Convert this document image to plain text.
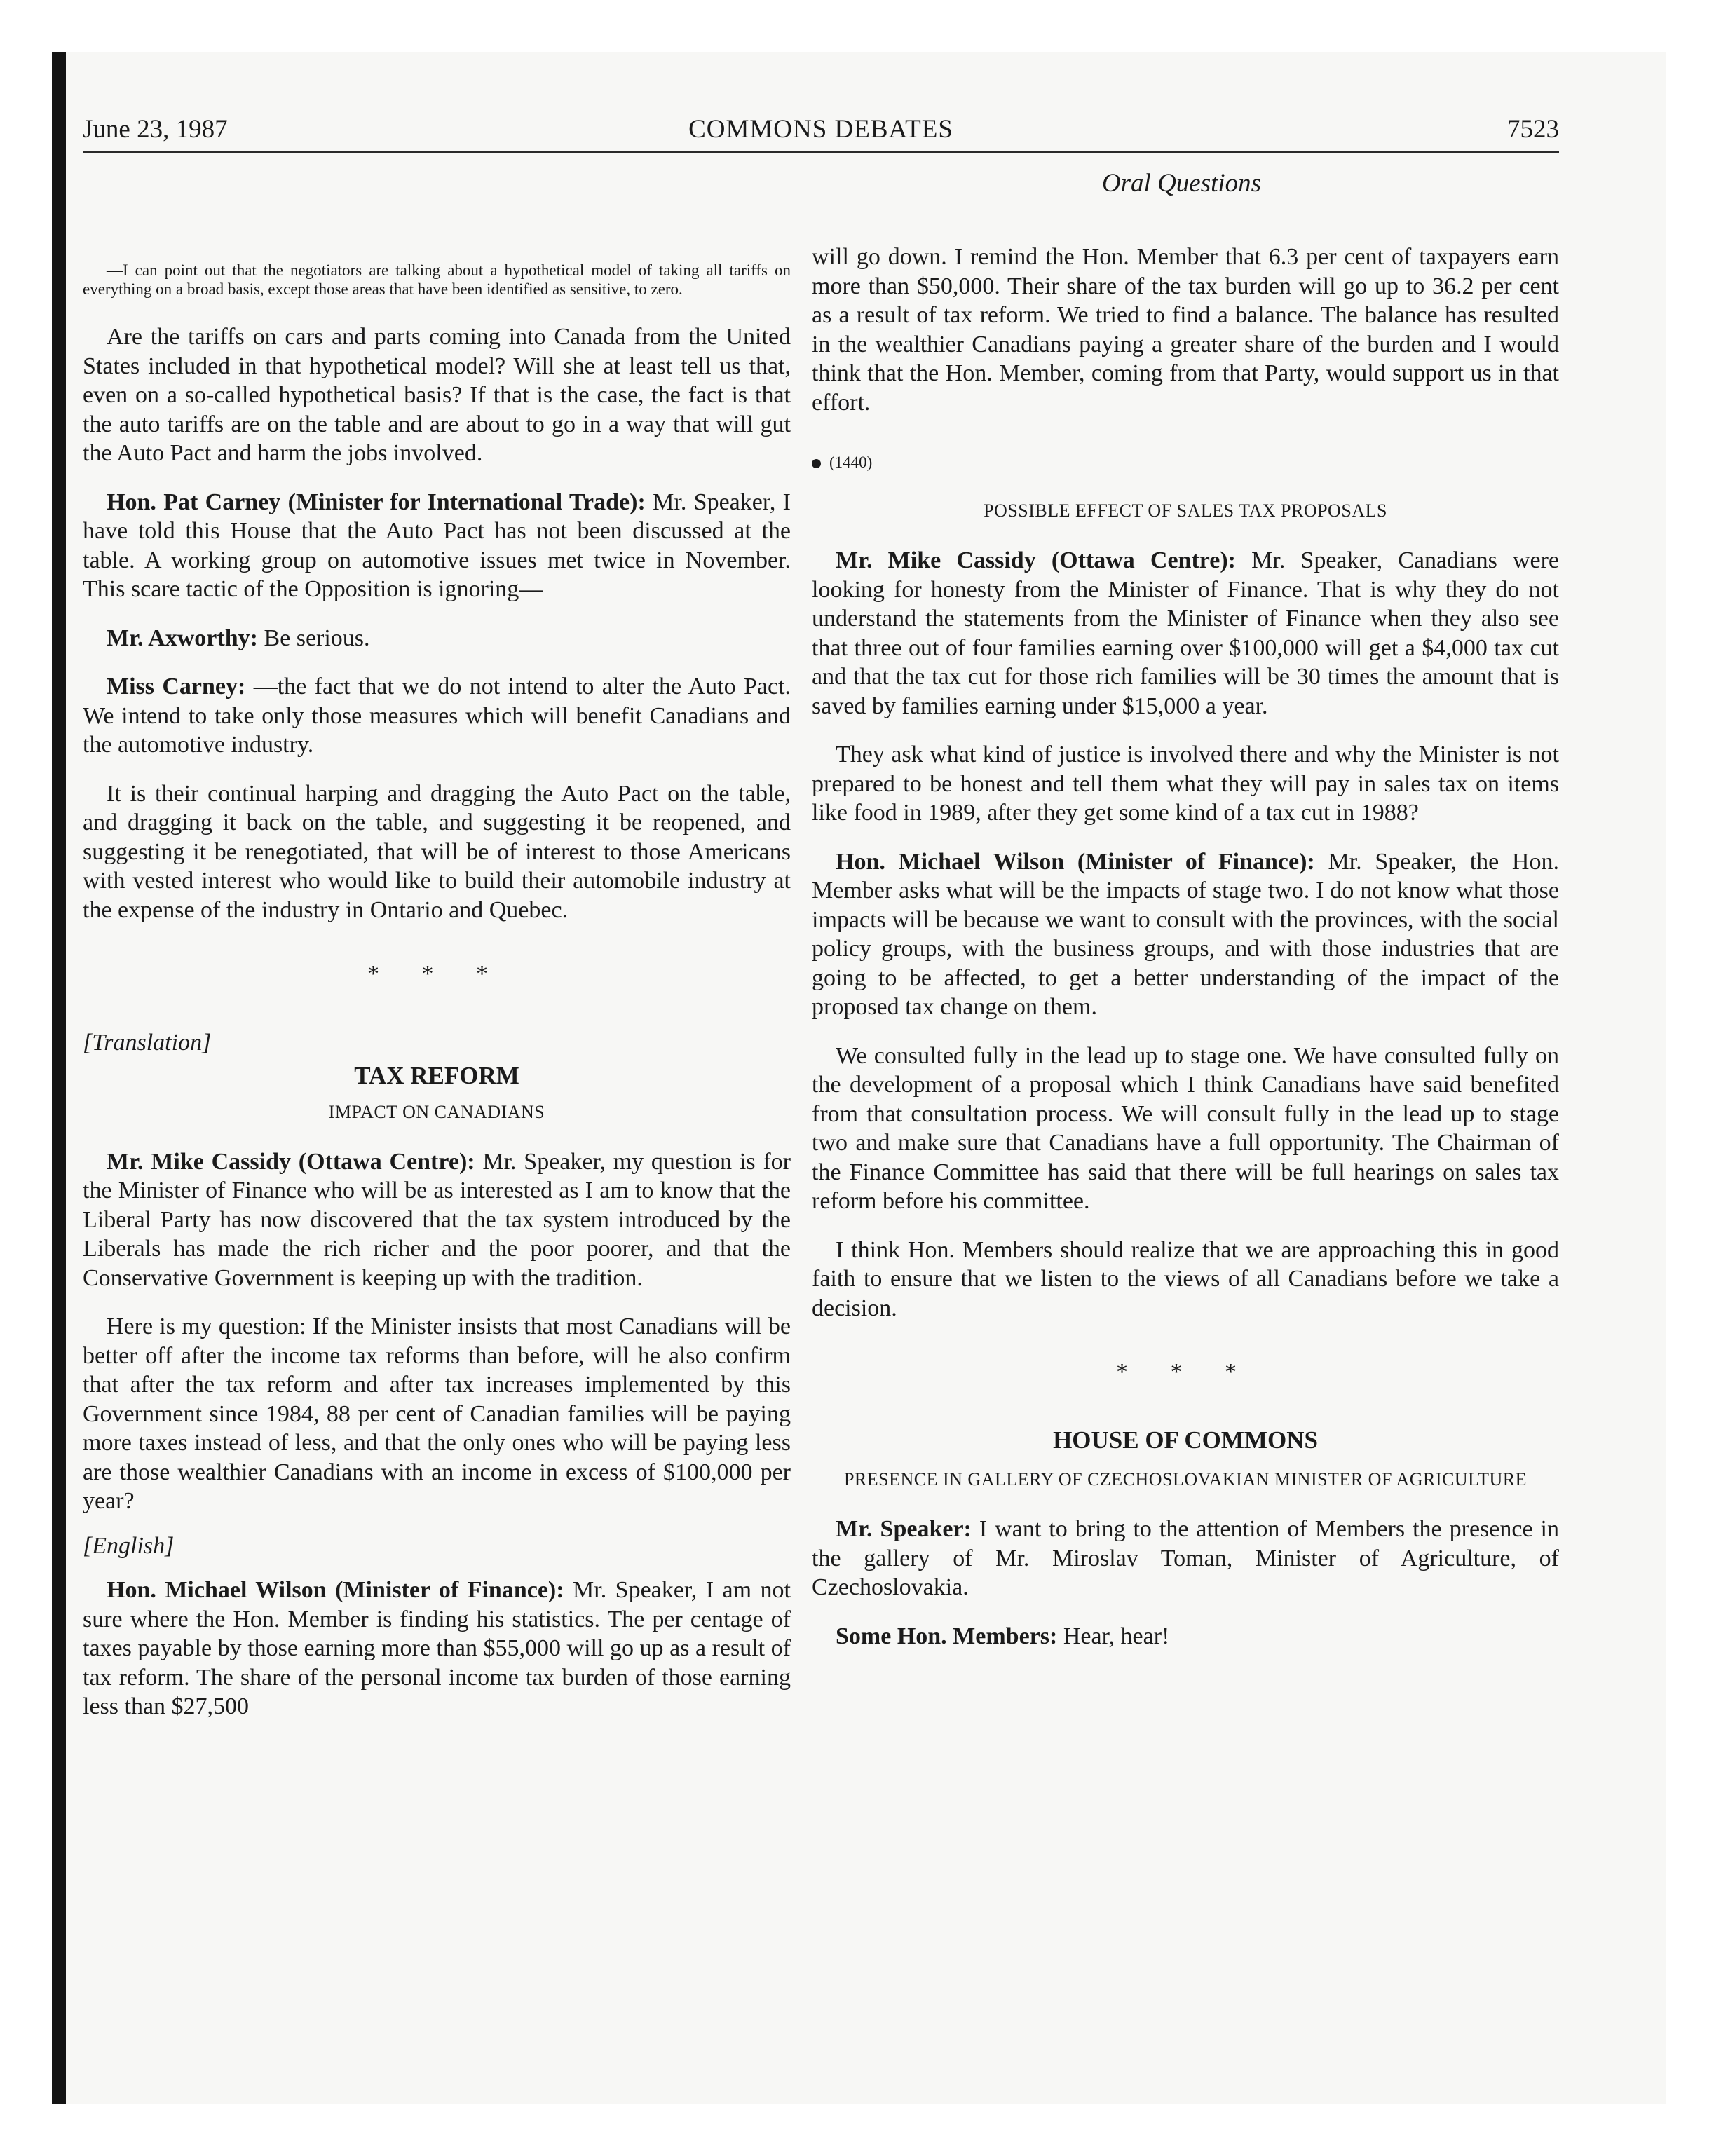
June 23, 1987	COMMONS DEBATES	7523
Oral Questions

—I can point out that the negotiators are talking about a hypothetical model of taking all tariffs on everything on a broad basis, except those areas that have been identified as sensitive, to zero.

Are the tariffs on cars and parts coming into Canada from the United States included in that hypothetical model? Will she at least tell us that, even on a so-called hypothetical basis? If that is the case, the fact is that the auto tariffs are on the table and are about to go in a way that will gut the Auto Pact and harm the jobs involved.

Hon. Pat Carney (Minister for International Trade): Mr. Speaker, I have told this House that the Auto Pact has not been discussed at the table. A working group on automotive issues met twice in November. This scare tactic of the Opposition is ignoring—

Mr. Axworthy: Be serious.

Miss Carney: —the fact that we do not intend to alter the Auto Pact. We intend to take only those measures which will benefit Canadians and the automotive industry.

It is their continual harping and dragging the Auto Pact on the table, and dragging it back on the table, and suggesting it be reopened, and suggesting it be renegotiated, that will be of interest to those Americans with vested interest who would like to build their automobile industry at the expense of the industry in Ontario and Quebec.

* * *

[Translation]

TAX REFORM
IMPACT ON CANADIANS

Mr. Mike Cassidy (Ottawa Centre): Mr. Speaker, my question is for the Minister of Finance who will be as interested as I am to know that the Liberal Party has now discovered that the tax system introduced by the Liberals has made the rich richer and the poor poorer, and that the Conservative Government is keeping up with the tradition.

Here is my question: If the Minister insists that most Canadians will be better off after the income tax reforms than before, will he also confirm that after the tax reform and after tax increases implemented by this Government since 1984, 88 per cent of Canadian families will be paying more taxes instead of less, and that the only ones who will be paying less are those wealthier Canadians with an income in excess of $100,000 per year?

[English]

Hon. Michael Wilson (Minister of Finance): Mr. Speaker, I am not sure where the Hon. Member is finding his statistics. The per centage of taxes payable by those earning more than $55,000 will go up as a result of tax reform. The share of the personal income tax burden of those earning less than $27,500

will go down. I remind the Hon. Member that 6.3 per cent of taxpayers earn more than $50,000. Their share of the tax burden will go up to 36.2 per cent as a result of tax reform. We tried to find a balance. The balance has resulted in the wealthier Canadians paying a greater share of the burden and I would think that the Hon. Member, coming from that Party, would support us in that effort.

(1440)
POSSIBLE EFFECT OF SALES TAX PROPOSALS

Mr. Mike Cassidy (Ottawa Centre): Mr. Speaker, Canadians were looking for honesty from the Minister of Finance. That is why they do not understand the statements from the Minister of Finance when they also see that three out of four families earning over $100,000 will get a $4,000 tax cut and that the tax cut for those rich families will be 30 times the amount that is saved by families earning under $15,000 a year.

They ask what kind of justice is involved there and why the Minister is not prepared to be honest and tell them what they will pay in sales tax on items like food in 1989, after they get some kind of a tax cut in 1988?

Hon. Michael Wilson (Minister of Finance): Mr. Speaker, the Hon. Member asks what will be the impacts of stage two. I do not know what those impacts will be because we want to consult with the provinces, with the social policy groups, with the business groups, and with those industries that are going to be affected, to get a better understanding of the impact of the proposed tax change on them.

We consulted fully in the lead up to stage one. We have consulted fully on the development of a proposal which I think Canadians have said benefited from that consultation process. We will consult fully in the lead up to stage two and make sure that Canadians have a full opportunity. The Chairman of the Finance Committee has said that there will be full hearings on sales tax reform before his committee.

I think Hon. Members should realize that we are approaching this in good faith to ensure that we listen to the views of all Canadians before we take a decision.

* * *
HOUSE OF COMMONS
PRESENCE IN GALLERY OF CZECHOSLOVAKIAN MINISTER OF AGRICULTURE

Mr. Speaker: I want to bring to the attention of Members the presence in the gallery of Mr. Miroslav Toman, Minister of Agriculture, of Czechoslovakia.

Some Hon. Members: Hear, hear!
